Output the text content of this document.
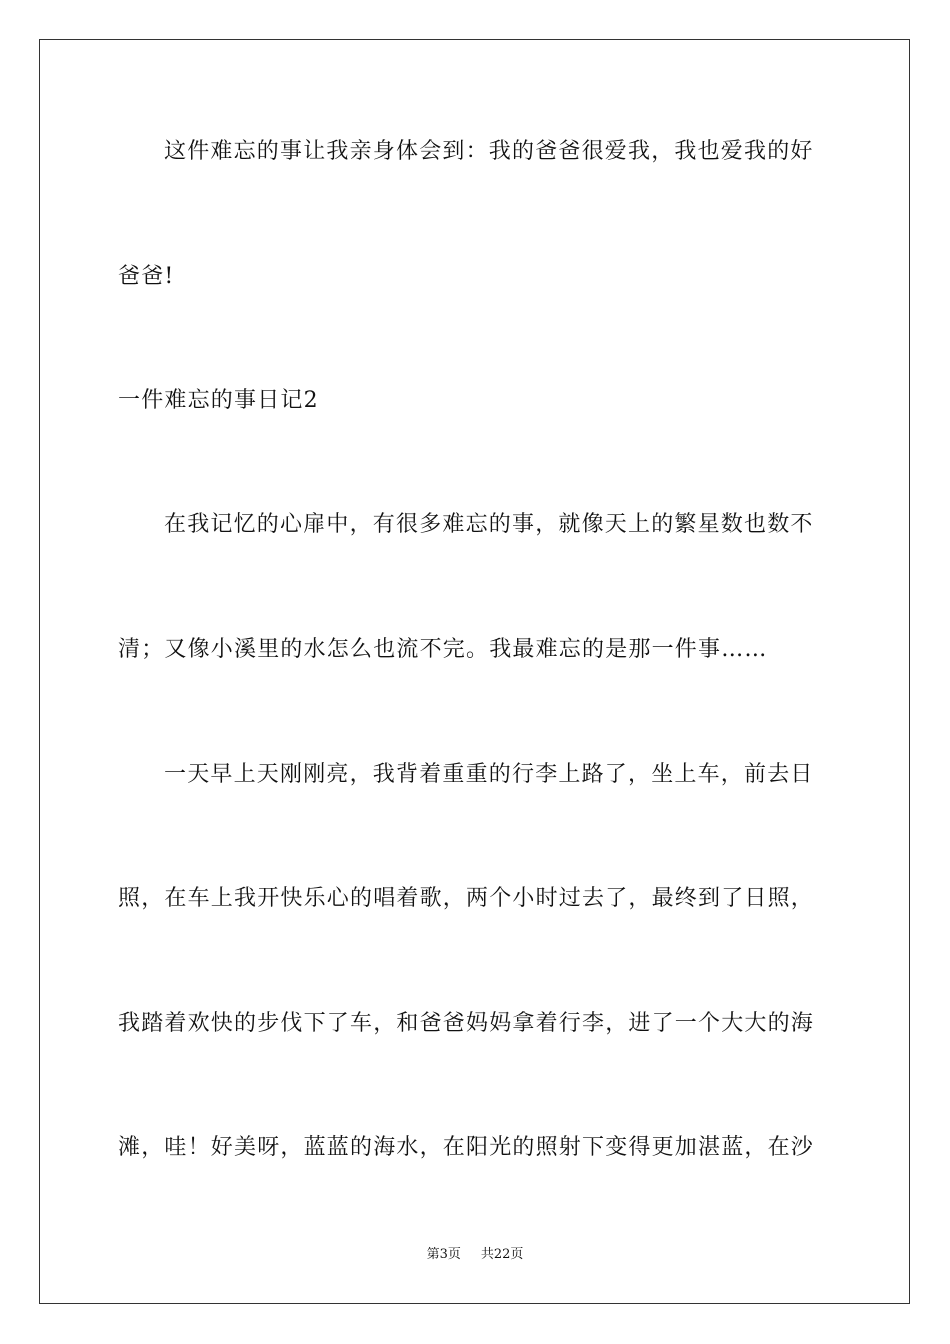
这件难忘的事让我亲身体会到：我的爸爸很爱我，我也爱我的好
爸爸!
一件难忘的事日记2
在我记忆的心扉中，有很多难忘的事，就像天上的繁星数也数不
清；又像小溪里的水怎么也流不完。我最难忘的是那一件事……
一天早上天刚刚亮，我背着重重的行李上路了，坐上车，前去日
照，在车上我开快乐心的唱着歌，两个小时过去了，最终到了日照，
我踏着欢快的步伐下了车，和爸爸妈妈拿着行李，进了一个大大的海
滩，哇！好美呀，蓝蓝的海水，在阳光的照射下变得更加湛蓝，在沙
第3页 共22页
